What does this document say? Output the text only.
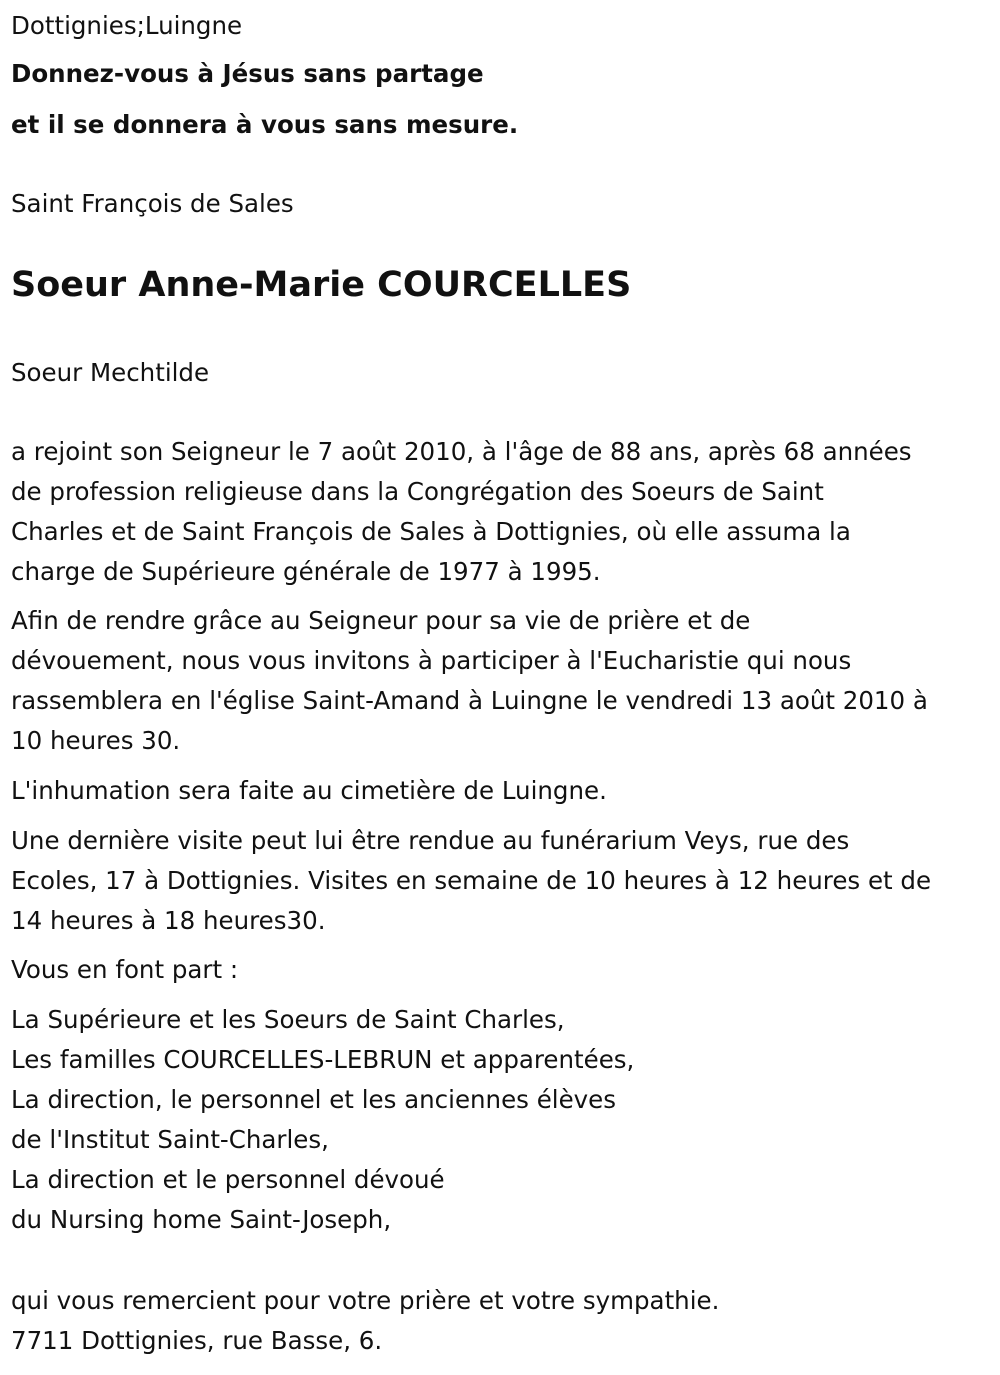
Dottignies;Luingne
Donnez-vous à Jésus sans partage
et il se donnera à vous sans mesure.
Saint François de Sales
Soeur Anne-Marie COURCELLES
Soeur Mechtilde
a rejoint son Seigneur le 7 août 2010, à l'âge de 88 ans, après 68 années
de profession religieuse dans la Congrégation des Soeurs de Saint
Charles et de Saint François de Sales à Dottignies, où elle assuma la
charge de Supérieure générale de 1977 à 1995.
Afin de rendre grâce au Seigneur pour sa vie de prière et de
dévouement, nous vous invitons à participer à l'Eucharistie qui nous
rassemblera en l'église Saint-Amand à Luingne le vendredi 13 août 2010 à
10 heures 30.
L'inhumation sera faite au cimetière de Luingne.
Une dernière visite peut lui être rendue au funérarium Veys, rue des
Ecoles, 17 à Dottignies. Visites en semaine de 10 heures à 12 heures et de
14 heures à 18 heures30.
Vous en font part :
La Supérieure et les Soeurs de Saint Charles,
Les familles COURCELLES-LEBRUN et apparentées,
La direction, le personnel et les anciennes élèves
de l'Institut Saint-Charles,
La direction et le personnel dévoué
du Nursing home Saint-Joseph,
qui vous remercient pour votre prière et votre sympathie.
7711 Dottignies, rue Basse, 6.
